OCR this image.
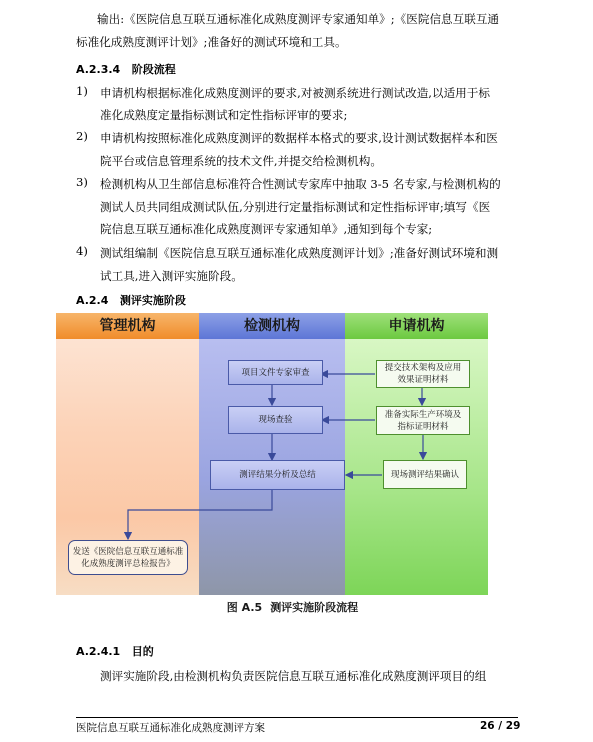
输出:《医院信息互联互通标准化成熟度测评专家通知单》;《医院信息互联互通
标准化成熟度测评计划》;准备好的测试环境和工具。
A.2.3.4 阶段流程
1) 申请机构根据标准化成熟度测评的要求,对被测系统进行测试改造,以适用于标
准化成熟度定量指标测试和定性指标评审的要求;
2) 申请机构按照标准化成熟度测评的数据样本格式的要求,设计测试数据样本和医
院平台或信息管理系统的技术文件,并提交给检测机构。
3) 检测机构从卫生部信息标准符合性测试专家库中抽取 3-5 名专家,与检测机构的
测试人员共同组成测试队伍,分别进行定量指标测试和定性指标评审;填写《医
院信息互联互通标准化成熟度测评专家通知单》,通知到每个专家;
4) 测试组编制《医院信息互联互通标准化成熟度测评计划》;准备好测试环境和测
试工具,进入测评实施阶段。
A.2.4 测评实施阶段
管理机构	检测机构	申请机构
项目文件专家审查
现场查验
测评结果分析及总结
提交技术架构及应用
效果证明材料
准备实际生产环境及
指标证明材料
现场测评结果确认
发送《医院信息互联互通标准
化成熟度测评总检报告》
图 A.5 测评实施阶段流程
A.2.4.1 目的
测评实施阶段,由检测机构负责医院信息互联互通标准化成熟度测评项目的组
医院信息互联互通标准化成熟度测评方案	26 / 29
